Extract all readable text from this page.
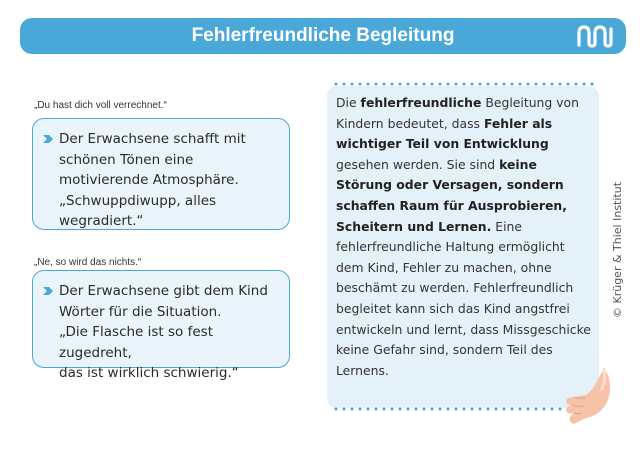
Fehlerfreundliche Begleitung
„Du hast dich voll verrechnet.“
Der Erwachsene schafft mit
schönen Tönen eine
motivierende Atmosphäre.
„Schwuppdiwupp, alles
wegradiert.“
„Ne, so wird das nichts.“
Der Erwachsene gibt dem Kind
Wörter für die Situation.
„Die Flasche ist so fest zugedreht,
das ist wirklich schwierig.“
Die fehlerfreundliche Begleitung von Kindern bedeutet, dass Fehler als wichtiger Teil von Entwicklung gesehen werden. Sie sind keine Störung oder Versagen, sondern schaffen Raum für Ausprobieren, Scheitern und Lernen. Eine fehlerfreundliche Haltung ermöglicht dem Kind, Fehler zu machen, ohne beschämt zu werden. Fehlerfreundlich begleitet kann sich das Kind angstfrei entwickeln und lernt, dass Missgeschicke keine Gefahr sind, sondern Teil des Lernens.
© Krüger & Thiel Institut
